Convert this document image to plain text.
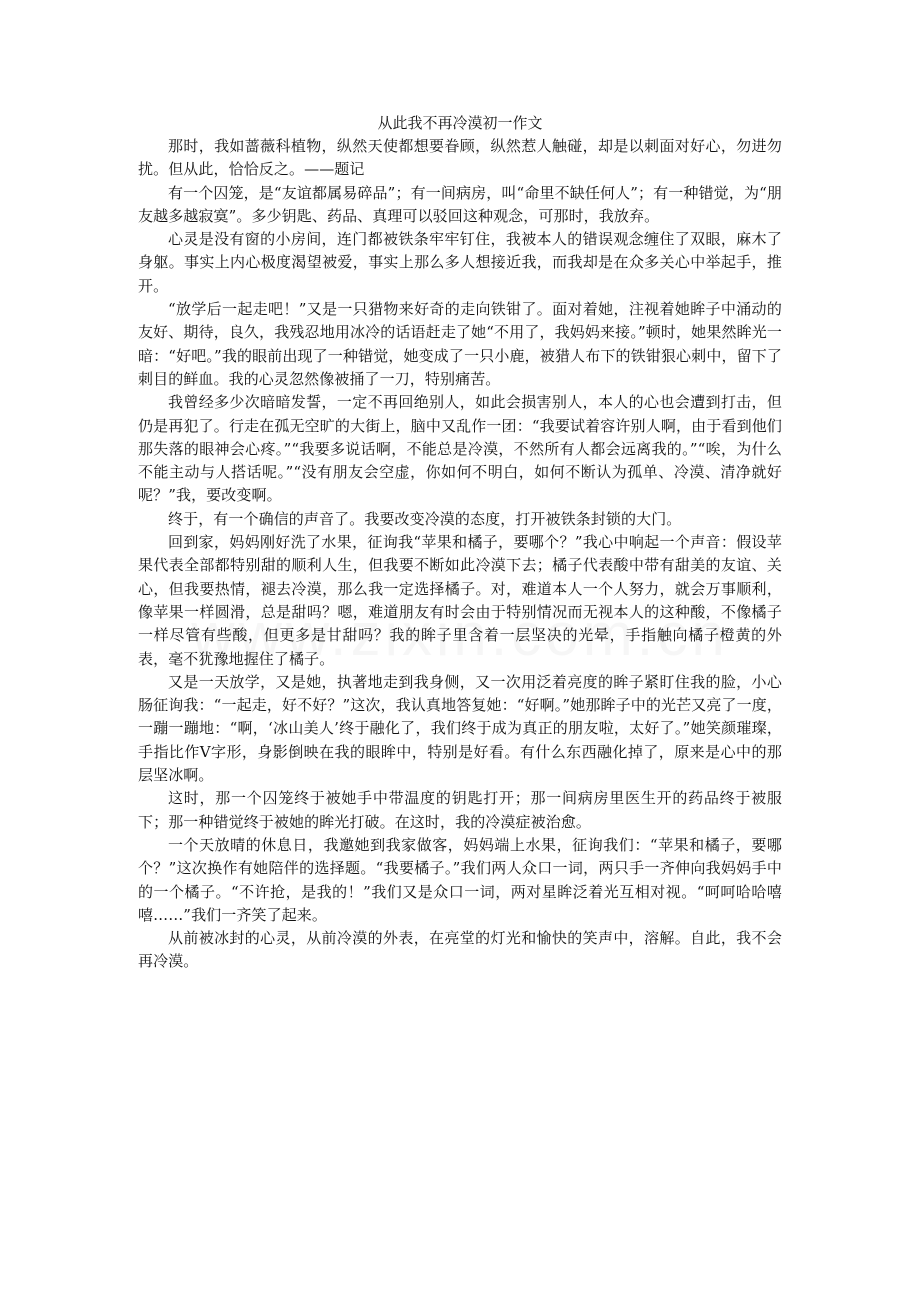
从此我不再冷漠初一作文

那时，我如蔷薇科植物，纵然天使都想要眷顾，纵然惹人触碰，却是以刺面对好心，勿进勿扰。但从此，恰恰反之。——题记

有一个囚笼，是“友谊都属易碎品”；有一间病房，叫“命里不缺任何人”；有一种错觉，为“朋友越多越寂寞”。多少钥匙、药品、真理可以驳回这种观念，可那时，我放弃。

心灵是没有窗的小房间，连门都被铁条牢牢钉住，我被本人的错误观念缠住了双眼，麻木了身躯。事实上内心极度渴望被爱，事实上那么多人想接近我，而我却是在众多关心中举起手，推开。

“放学后一起走吧！”又是一只猎物来好奇的走向铁钳了。面对着她，注视着她眸子中涌动的友好、期待，良久，我残忍地用冰冷的话语赶走了她“不用了，我妈妈来接。”顿时，她果然眸光一暗：“好吧。”我的眼前出现了一种错觉，她变成了一只小鹿，被猎人布下的铁钳狠心刺中，留下了刺目的鲜血。我的心灵忽然像被捅了一刀，特别痛苦。

我曾经多少次暗暗发誓，一定不再回绝别人，如此会损害别人，本人的心也会遭到打击，但仍是再犯了。行走在孤无空旷的大街上，脑中又乱作一团：“我要试着容许别人啊，由于看到他们那失落的眼神会心疼。”“我要多说话啊，不能总是冷漠，不然所有人都会远离我的。”“唉，为什么不能主动与人搭话呢。”“没有朋友会空虚，你如何不明白，如何不断认为孤单、冷漠、清净就好呢？”我，要改变啊。

终于，有一个确信的声音了。我要改变冷漠的态度，打开被铁条封锁的大门。

回到家，妈妈刚好洗了水果，征询我“苹果和橘子，要哪个？”我心中响起一个声音：假设苹果代表全部都特别甜的顺利人生，但我要不断如此冷漠下去；橘子代表酸中带有甜美的友谊、关心，但我要热情，褪去冷漠，那么我一定选择橘子。对，难道本人一个人努力，就会万事顺利，像苹果一样圆滑，总是甜吗？嗯，难道朋友有时会由于特别情况而无视本人的这种酸，不像橘子一样尽管有些酸，但更多是甘甜吗？我的眸子里含着一层坚决的光晕，手指触向橘子橙黄的外表，毫不犹豫地握住了橘子。

又是一天放学，又是她，执著地走到我身侧，又一次用泛着亮度的眸子紧盯住我的脸，小心肠征询我：“一起走，好不好？”这次，我认真地答复她：“好啊。”她那眸子中的光芒又亮了一度，一蹦一蹦地：“啊，‘冰山美人’终于融化了，我们终于成为真正的朋友啦，太好了。”她笑颜璀璨，手指比作V字形，身影倒映在我的眼眸中，特别是好看。有什么东西融化掉了，原来是心中的那层坚冰啊。

这时，那一个囚笼终于被她手中带温度的钥匙打开；那一间病房里医生开的药品终于被服下；那一种错觉终于被她的眸光打破。在这时，我的冷漠症被治愈。

一个天放晴的休息日，我邀她到我家做客，妈妈端上水果，征询我们：“苹果和橘子，要哪个？”这次换作有她陪伴的选择题。“我要橘子。”我们两人众口一词，两只手一齐伸向我妈妈手中的一个橘子。“不许抢，是我的！”我们又是众口一词，两对星眸泛着光互相对视。“呵呵哈哈嘻嘻……”我们一齐笑了起来。

从前被冰封的心灵，从前冷漠的外表，在亮堂的灯光和愉快的笑声中，溶解。自此，我不会再冷漠。
